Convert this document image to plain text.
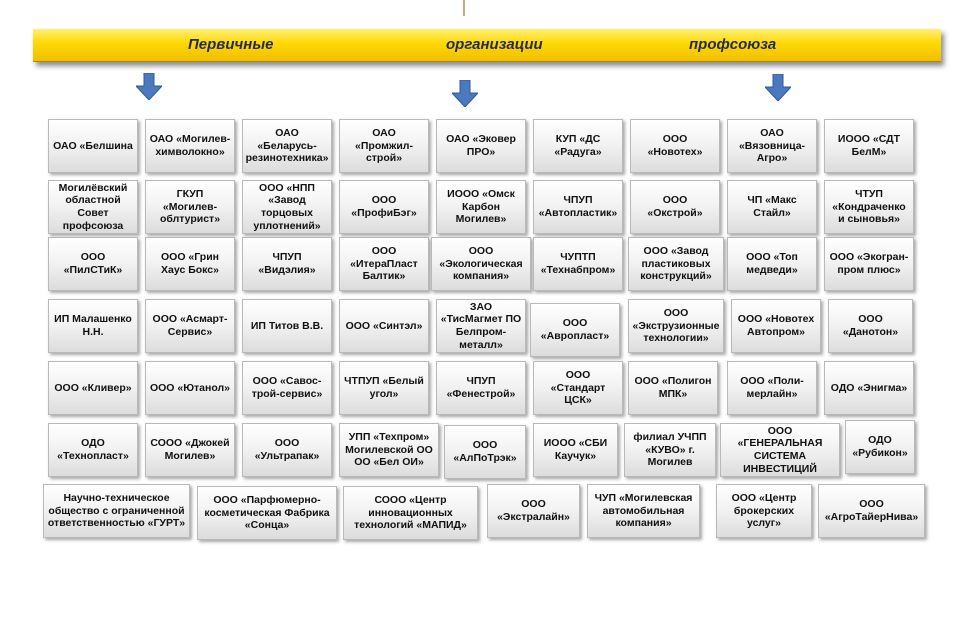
Первичные	организации	профсоюза
ОАО «Белшина
ОАО «Могилев-химволокно»
ОАО «Беларусь-резинотехника»
ОАО «Промжил-строй»
ОАО «Эковер ПРО»
КУП «ДС «Радуга»
ООО «Новотех»
ОАО «Вязовница-Агро»
ИООО «СДТ БелМ»
Могилёвский областной Совет профсоюза
ГКУП «Могилев-облтурист»
ООО «НПП «Завод торцовых уплотнений»
ООО «ПрофиБэг»
ИООО «Омск Карбон Могилев»
ЧПУП «Автопластик»
ООО «Окстрой»
ЧП «Макс Стайл»
ЧТУП «Кондраченко и сыновья»
ООО «ПилСТиК»
ООО «Грин Хаус Бокс»
ЧПУП «Видэлия»
ООО «ИтераПласт Балтик»
ООО «Экологическая компания»
ЧУПТП «Технабпром»
ООО «Завод пластиковых конструкций»
ООО «Топ медведи»
ООО «Экогран-пром плюс»
ИП Малашенко Н.Н.
ООО «Асмарт-Сервис»
ИП Титов В.В. ООО «Синтэл»
ЗАО «ТисМагмет ПО Белпром-металл»
ООО «Авропласт»
ООО «Экструзионные технологии»
ООО «Новотех Автопром»
ООО «Данотон»
ООО «Кливер» ООО «Ютанол»
ООО «Савос-трой-сервис»
ЧТПУП «Белый угол»
ЧПУП «Фенестрой»
ООО «Стандарт ЦСК»
ООО «Полигон МПК»
ООО «Поли-мерлайн»
ОДО «Энигма»
ОДО «Технопласт»
СООО «Джокей Могилев»
ООО «Ультрапак»
УПП «Техпром» Могилевской ОО ОО «Бел ОИ»
ООО «АлПоТрэк»
ИООО «СБИ Каучук»
филиал УЧПП «КУВО» г. Могилев
ООО «ГЕНЕРАЛЬНАЯ СИСТЕМА ИНВЕСТИЦИЙ
ОДО «Рубикон»
Научно-техническое общество с ограниченной ответственностью «ГУРТ»
ООО «Парфюмерно-косметическая Фабрика «Сонца»
СООО «Центр инновационных технологий «МАПИД»
ООО «Экстралайн»
ЧУП «Могилевская автомобильная компания»
ООО «Центр брокерских услуг»
ООО «АгроТайерНива»
